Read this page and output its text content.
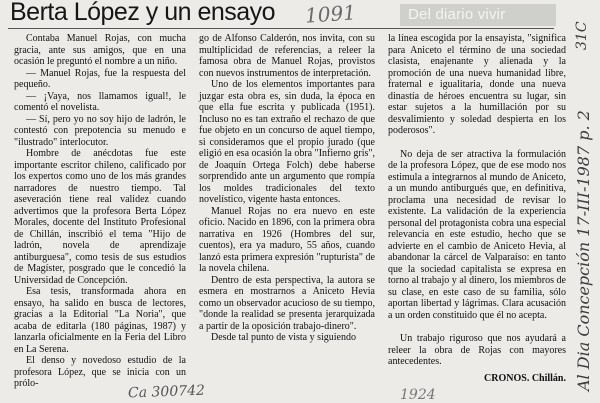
Berta López y un ensayo 1091	Del diario vivir

Contaba Manuel Rojas, con mucha gracia, ante sus amigos, que en una ocasión le preguntó el nombre a un niño.

— Manuel Rojas, fue la respuesta del pequeño.

— ¡Vaya, nos llamamos igual!, le comentó el novelista.

— Sí, pero yo no soy hijo de ladrón, le contestó con prepotencia su menudo e "ilustrado" interlocutor.

Hombre de anécdotas fue este importante escritor chileno, calificado por los expertos como uno de los más grandes narradores de nuestro tiempo. Tal aseveración tiene real validez cuando advertimos que la profesora Berta López Morales, docente del Instituto Profesional de Chillán, inscribió el tema "Hijo de ladrón, novela de aprendizaje antiburguesa", como tesis de sus estudios de Magíster, posgrado que le concedió la Universidad de Concepción.

Esa tesis, transformada ahora en ensayo, ha salido en busca de lectores, gracias a la Editorial "La Noria", que acaba de editarla (180 páginas, 1987) y lanzarla oficialmente en la Feria del Libro en La Serena.

El denso y novedoso estudio de la profesora López, que se inicia con un prólo-

go de Alfonso Calderón, nos invita, con su multiplicidad de referencias, a releer la famosa obra de Manuel Rojas, provistos con nuevos instrumentos de interpretación.

Uno de los elementos importantes para juzgar esta obra es, sin duda, la época en que ella fue escrita y publicada (1951). Incluso no es tan extraño el rechazo de que fue objeto en un concurso de aquel tiempo, si consideramos que el propio jurado (que eligió en esa ocasión la obra "Infierno gris", de Joaquín Ortega Folch) debe haberse sorprendido ante un argumento que rompía los moldes tradicionales del texto novelístico, vigente hasta entonces.

Manuel Rojas no era nuevo en este oficio. Nacido en 1896, con la primera obra narrativa en 1926 (Hombres del sur, cuentos), era ya maduro, 55 años, cuando lanzó esta primera expresión "rupturista" de la novela chilena.

Dentro de esta perspectiva, la autora se esmera en mostrarnos a Aniceto Hevia como un observador acucioso de su tiempo, "donde la realidad se presenta jerarquizada a partir de la oposición trabajo-dinero".

Desde tal punto de vista y siguiendo

la línea escogida por la ensayista, "significa para Aniceto el término de una sociedad clasista, enajenante y alienada y la promoción de una nueva humanidad libre, fraternal e igualitaria, donde una nueva dinastía de héroes encuentra su lugar, sin estar sujetos a la humillación por su desvalimiento y soledad despierta en los poderosos".

No deja de ser atractiva la formulación de la profesora López, que de ese modo nos estimula a integrarnos al mundo de Aniceto, a un mundo antiburgués que, en definitiva, proclama una necesidad de revisar lo existente. La validación de la experiencia personal del protagonista cobra una especial relevancia en este estudio, hecho que se advierte en el cambio de Aniceto Hevia, al abandonar la cárcel de Valparaíso: en tanto que la sociedad capitalista se expresa en torno al trabajo y al dinero, los miembros de su clase, en este caso de su familia, sólo aportan libertad y lágrimas. Clara acusación a un orden constituido que él no acepta.

Un trabajo riguroso que nos ayudará a releer la obra de Rojas con mayores antecedentes.

CRONOS. Chillán. Al Dia Concepción 17-III-1987 p. 2
31C
Ca 300742	1924
